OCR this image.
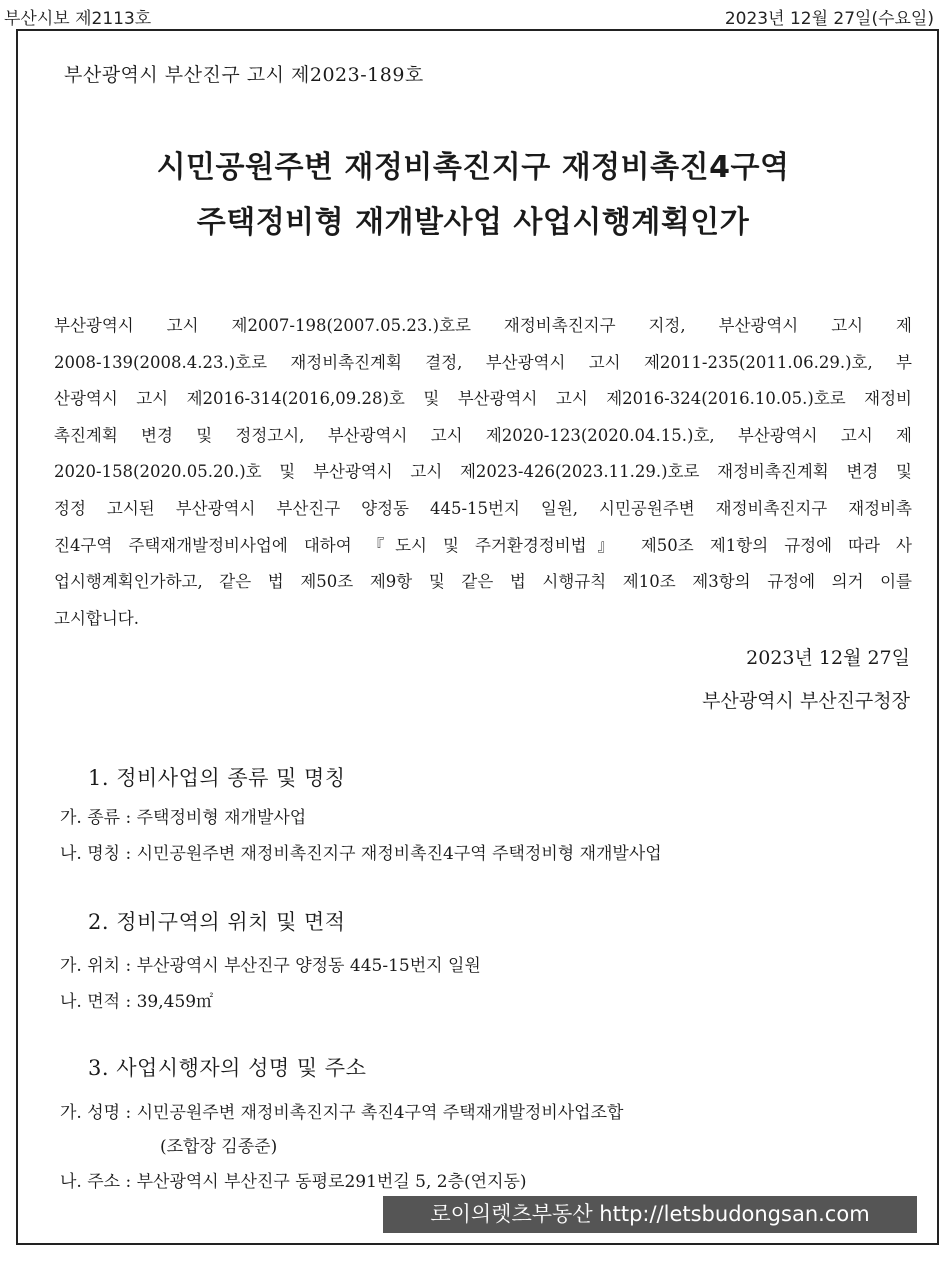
부산시보 제2113호	2023년 12월 27일(수요일)
부산광역시 부산진구 고시 제2023-189호
시민공원주변 재정비촉진지구 재정비촉진4구역
주택정비형 재개발사업 사업시행계획인가
부산광역시 고시 제2007-198(2007.05.23.)호로 재정비촉진지구 지정, 부산광역시 고시 제
2008-139(2008.4.23.)호로 재정비촉진계획 결정, 부산광역시 고시 제2011-235(2011.06.29.)호, 부
산광역시 고시 제2016-314(2016,09.28)호 및 부산광역시 고시 제2016-324(2016.10.05.)호로 재정비
촉진계획 변경 및 정정고시, 부산광역시 고시 제2020-123(2020.04.15.)호, 부산광역시 고시 제
2020-158(2020.05.20.)호 및 부산광역시 고시 제2023-426(2023.11.29.)호로 재정비촉진계획 변경 및
정정 고시된 부산광역시 부산진구 양정동 445-15번지 일원, 시민공원주변 재정비촉진지구 재정비촉
진4구역 주택재개발정비사업에 대하여 『도시 및 주거환경정비법』 제50조 제1항의 규정에 따라 사
업시행계획인가하고, 같은 법 제50조 제9항 및 같은 법 시행규칙 제10조 제3항의 규정에 의거 이를
고시합니다.
2023년 12월 27일
부산광역시 부산진구청장
1. 정비사업의 종류 및 명칭
가. 종류 : 주택정비형 재개발사업
나. 명칭 : 시민공원주변 재정비촉진지구 재정비촉진4구역 주택정비형 재개발사업
2. 정비구역의 위치 및 면적
가. 위치 : 부산광역시 부산진구 양정동 445-15번지 일원
나. 면적 : 39,459㎡
3. 사업시행자의 성명 및 주소
가. 성명 : 시민공원주변 재정비촉진지구 촉진4구역 주택재개발정비사업조합
(조합장 김종준)
나. 주소 : 부산광역시 부산진구 동평로291번길 5, 2층(연지동)
로이의렛츠부동산 http://letsbudongsan.com
